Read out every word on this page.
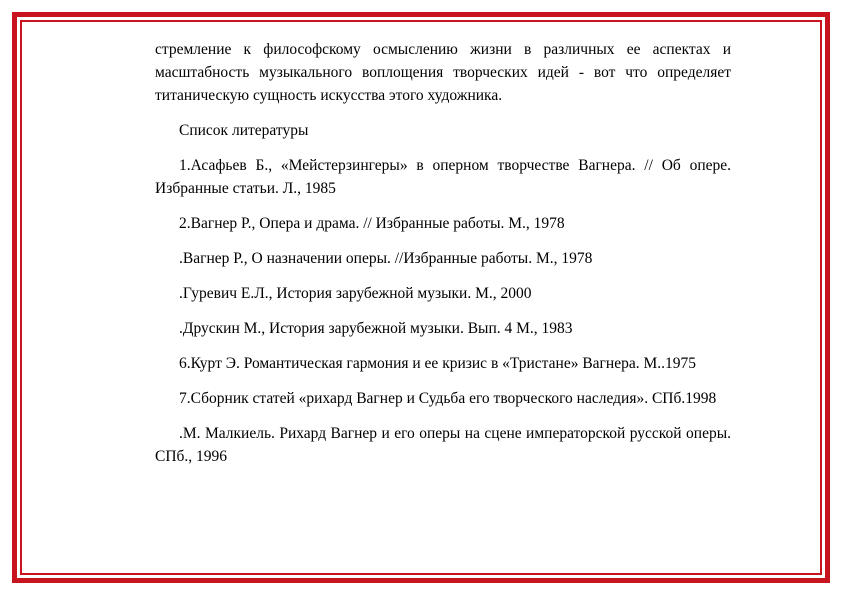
стремление к философскому осмыслению жизни в различных ее аспектах и масштабность музыкального воплощения творческих идей - вот что определяет титаническую сущность искусства этого художника.

Список литературы

1.Асафьев Б., «Мейстерзингеры» в оперном творчестве Вагнера. // Об опере. Избранные статьи. Л., 1985

2.Вагнер Р., Опера и драма. // Избранные работы. М., 1978

.Вагнер Р., О назначении оперы. //Избранные работы. М., 1978

.Гуревич Е.Л., История зарубежной музыки. М., 2000

.Друскин М., История зарубежной музыки. Вып. 4 М., 1983

6.Курт Э. Романтическая гармония и ее кризис в «Тристане» Вагнера. М..1975

7.Сборник статей «рихард Вагнер и Судьба его творческого наследия». СПб.1998

.М. Малкиель. Рихард Вагнер и его оперы на сцене императорской русской оперы. СПб., 1996
